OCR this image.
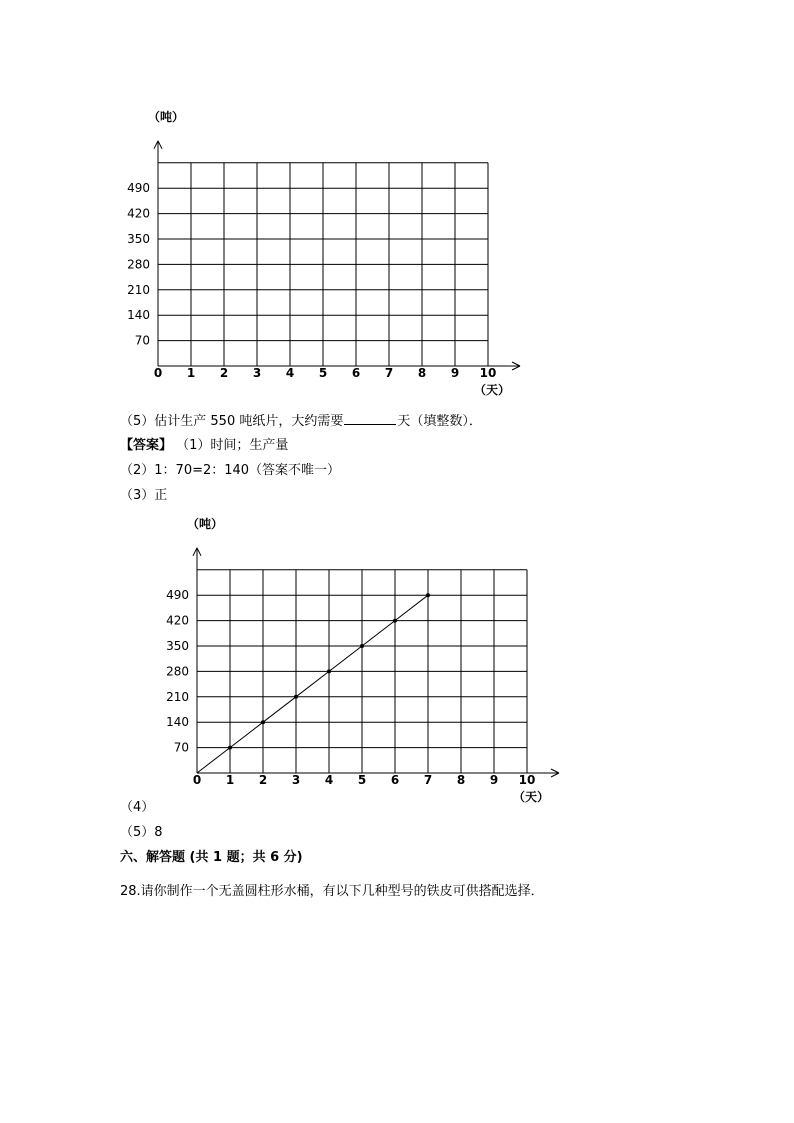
0 1 2 3 4 5 6 7 8 9 10
70
140
210
280
350
420
490
（吨）
（天）
0 1 2 3 4 5 6 7 8 9 10
70
140
210
280
350
420
490
（吨）
（天）
（5）估计生产 550 吨纸片，大约需要	天（填整数）．
【答案】 （1）时间；生产量
（2）1：70=2：140（答案不唯一）
（3）正
（4）
（5）8
六、解答题 (共 1 题；共 6 分)
28.请你制作一个无盖圆柱形水桶，有以下几种型号的铁皮可供搭配选择．
